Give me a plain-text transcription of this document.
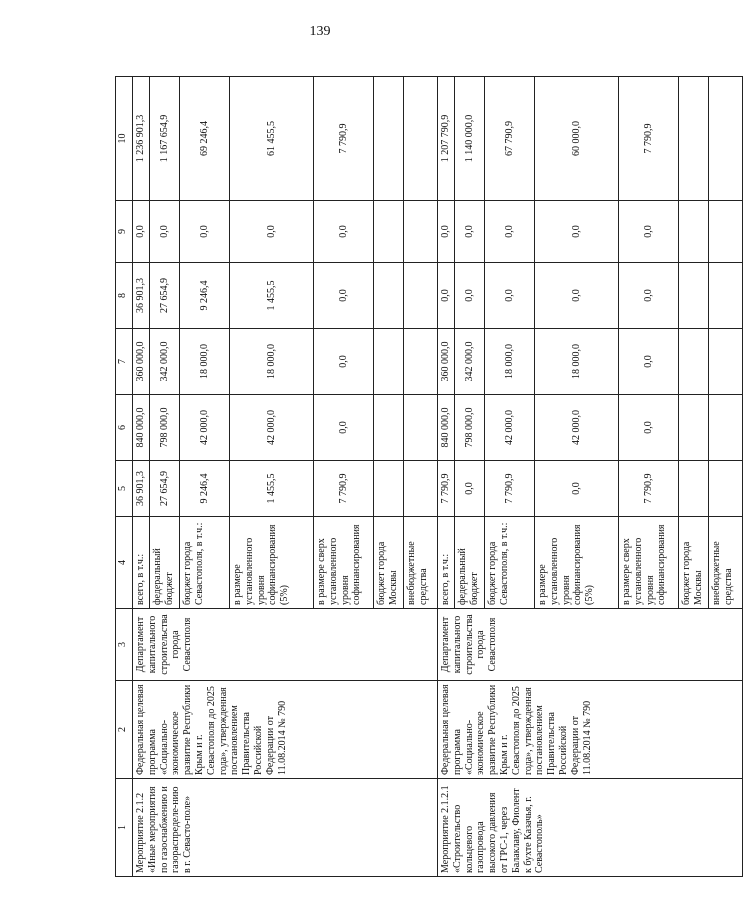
139
1	2	3	4	5	6	7	8	9	10
Мероприятие 2.1.2 «Иные мероприятия по газоснабжению и газораспределе-нию в г. Севасто-поле»	Федеральная целевая программа «Социально-экономическое развитие Республики Крым и г. Севастополя до 2025 года», утвержденная постановлением Правительства Российской Федерации от 11.08.2014 № 790	Департамент капитального строительства города Севастополя	всего, в т.ч.:	36 901,3	840 000,0	360 000,0	36 901,3	0,0	1 236 901,3
			федеральный бюджет	27 654,9	798 000,0	342 000,0	27 654,9	0,0	1 167 654,9
			бюджет города Севастополя, в т.ч.:	9 246,4	42 000,0	18 000,0	9 246,4	0,0	69 246,4
			в размере установленного уровня софинансирования (5%)	1 455,5	42 000,0	18 000,0	1 455,5	0,0	61 455,5
			в размере сверх установленного уровня софинансирования	7 790,9	0,0	0,0	0,0	0,0	7 790,9
			бюджет города Москвы						
			внебюджетные средства						
Мероприятие 2.1.2.1 «Строительство кольцевого газопровода высокого давления от ГРС-1, через Балаклаву, Фиолент к бухте Казачья, г. Севастополь»	Федеральная целевая программа «Социально-экономическое развитие Республики Крым и г. Севастополя до 2025 года», утвержденная постановлением Правительства Российской Федерации от 11.08.2014 № 790	Департамент капитального строительства города Севастополя	всего, в т.ч.:	7 790,9	840 000,0	360 000,0	0,0	0,0	1 207 790,9
			федеральный бюджет	0,0	798 000,0	342 000,0	0,0	0,0	1 140 000,0
			бюджет города Севастополя, в т.ч.:	7 790,9	42 000,0	18 000,0	0,0	0,0	67 790,9
			в размере установленного уровня софинансирования (5%)	0,0	42 000,0	18 000,0	0,0	0,0	60 000,0
			в размере сверх установленного уровня софинансирования	7 790,9	0,0	0,0	0,0	0,0	7 790,9
			бюджет города Москвы						
			внебюджетные средства						
